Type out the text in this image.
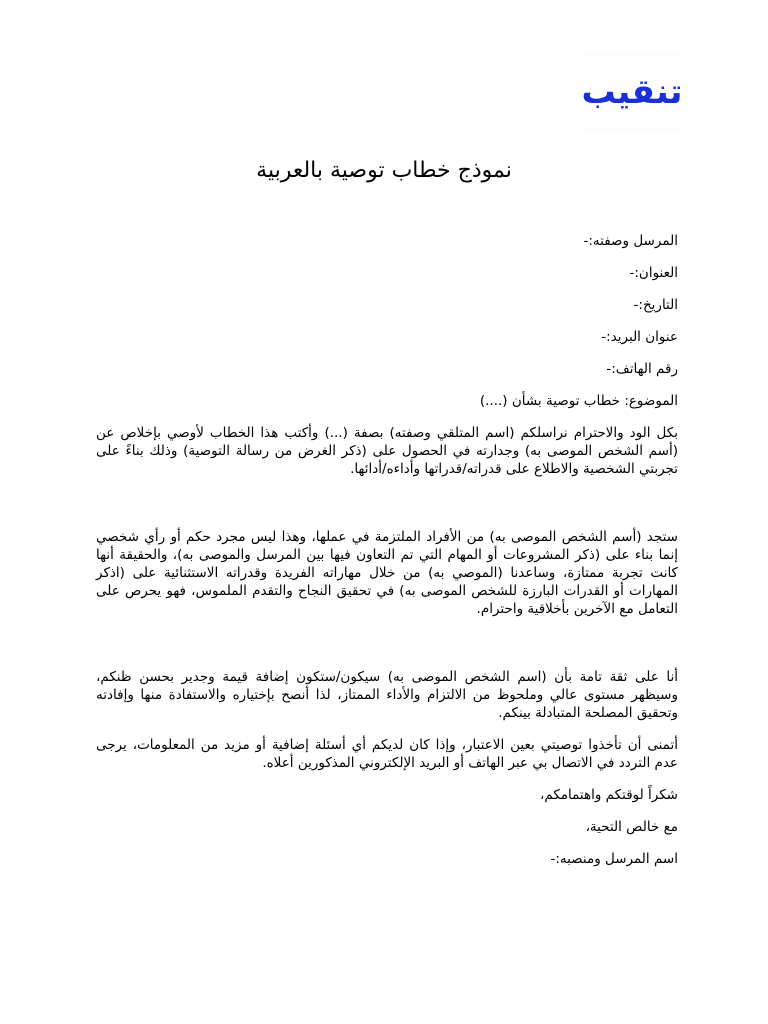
تنقيب
نموذج خطاب توصية بالعربية
المرسل وصفته:-
العنوان:-
التاريخ:-
عنوان البريد:-
رقم الهاتف:-
الموضوع: خطاب توصية بشأن (....)

بكل الود والاحترام نراسلكم (اسم المتلقي وصفته) بصفة (...) وأكتب هذا الخطاب لأوصي بإخلاص عن (أسم الشخص الموصى به) وجدارته في الحصول على (ذكر الغرض من رسالة التوصية) وذلك بناءً على تجربتي الشخصية والاطلاع على قدراته/قدراتها وأداءه/أدائها.

ستجد (أسم الشخص الموصى به) من الأفراد الملتزمة في عملها، وهذا ليس مجرد حكم أو رأي شخصي إنما بناء على (ذكر المشروعات أو المهام التي تم التعاون فيها بين المرسل والموصى به)، والحقيقة أنها كانت تجربة ممتازة، وساعدنا (الموصي به) من خلال مهاراته الفريدة وقدراته الاستثنائية على (اذكر المهارات أو القدرات البارزة للشخص الموصى به) في تحقيق النجاح والتقدم الملموس، فهو يحرص على التعامل مع الآخرين بأخلاقية واحترام.

أنا على ثقة تامة بأن (اسم الشخص الموصى به) سيكون/ستكون إضافة قيمة وجدير بحسن ظنكم، وسيظهر مستوى عالي وملحوظ من الالتزام والأداء الممتاز، لذا أنصح بإختياره والاستفادة منها وإفادته وتحقيق المصلحة المتبادلة بينكم.

أتمنى أن تأخذوا توصيتي بعين الاعتبار، وإذا كان لديكم أي أسئلة إضافية أو مزيد من المعلومات، يرجى عدم التردد في الاتصال بي عبر الهاتف أو البريد الإلكتروني المذكورين أعلاه.

شكراً لوقتكم واهتمامكم،
مع خالص التحية،
اسم المرسل ومنصبه:-
